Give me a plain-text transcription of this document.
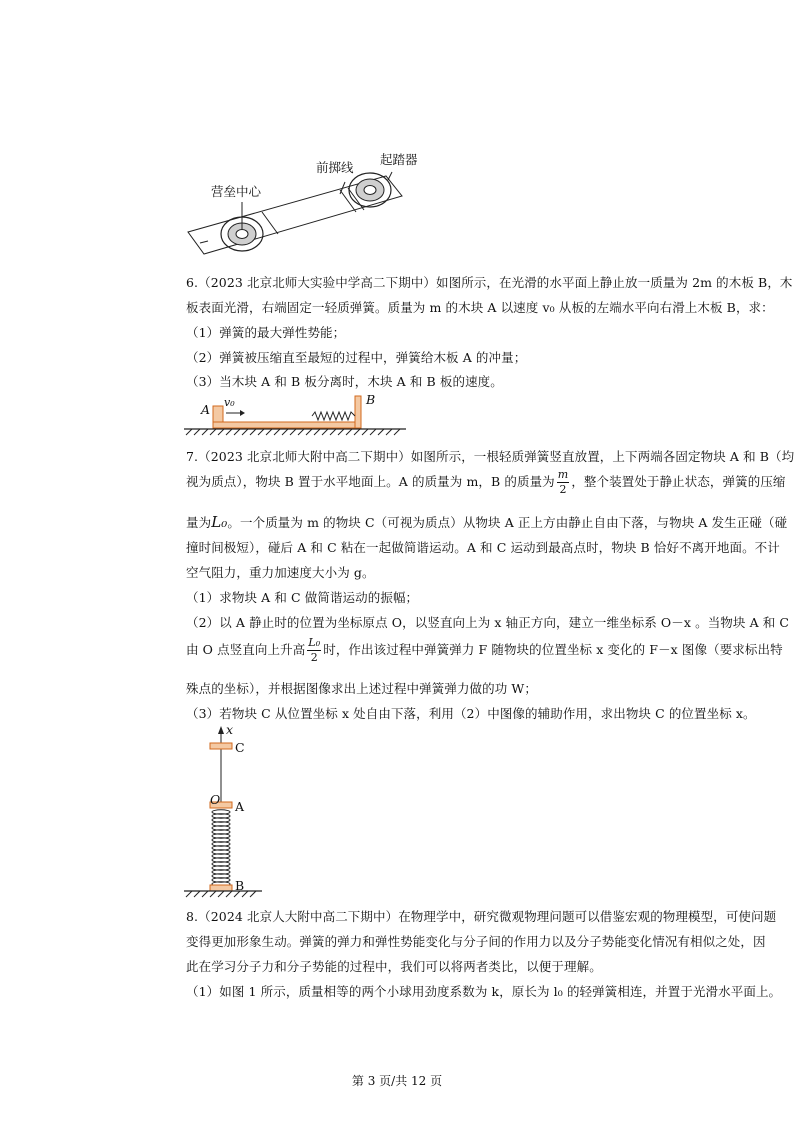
营垒中心
前掷线
起踏器
6.（2023 北京北师大实验中学高二下期中）如图所示，在光滑的水平面上静止放一质量为 2m 的木板 B，木
板表面光滑，右端固定一轻质弹簧。质量为 m 的木块 A 以速度 v₀ 从板的左端水平向右滑上木板 B，求：
（1）弹簧的最大弹性势能；
（2）弹簧被压缩直至最短的过程中，弹簧给木板 A 的冲量；
（3）当木块 A 和 B 板分离时，木块 A 和 B 板的速度。
A v₀	B
7.（2023 北京北师大附中高二下期中）如图所示，一根轻质弹簧竖直放置，上下两端各固定物块 A 和 B（均
视为质点），物块 B 置于水平地面上。A 的质量为 m，B 的质量为 $\frac{m}{2}$ ，整个装置处于静止状态，弹簧的压缩
量为L₀。一个质量为 m 的物块 C（可视为质点）从物块 A 正上方由静止自由下落，与物块 A 发生正碰（碰
撞时间极短），碰后 A 和 C 粘在一起做简谐运动。A 和 C 运动到最高点时，物块 B 恰好不离开地面。不计
空气阻力，重力加速度大小为 g。
（1）求物块 A 和 C 做简谐运动的振幅；
（2）以 A 静止时的位置为坐标原点 O，以竖直向上为 x 轴正方向，建立一维坐标系 O－x 。当物块 A 和 C
由 O 点竖直向上升高 $\frac{\text{L₀}}{2}$ 时，作出该过程中弹簧弹力 F 随物块的位置坐标 x 变化的 F－x 图像（要求标出特
殊点的坐标），并根据图像求出上述过程中弹簧弹力做的功 W；
（3）若物块 C 从位置坐标 x 处自由下落，利用（2）中图像的辅助作用，求出物块 C 的位置坐标 x。
x
C
O A
B
8.（2024 北京人大附中高二下期中）在物理学中，研究微观物理问题可以借鉴宏观的物理模型，可使问题
变得更加形象生动。弹簧的弹力和弹性势能变化与分子间的作用力以及分子势能变化情况有相似之处，因
此在学习分子力和分子势能的过程中，我们可以将两者类比，以便于理解。
（1）如图 1 所示，质量相等的两个小球用劲度系数为 k，原长为 l₀ 的轻弹簧相连，并置于光滑水平面上。
第 3 页/共 12 页
